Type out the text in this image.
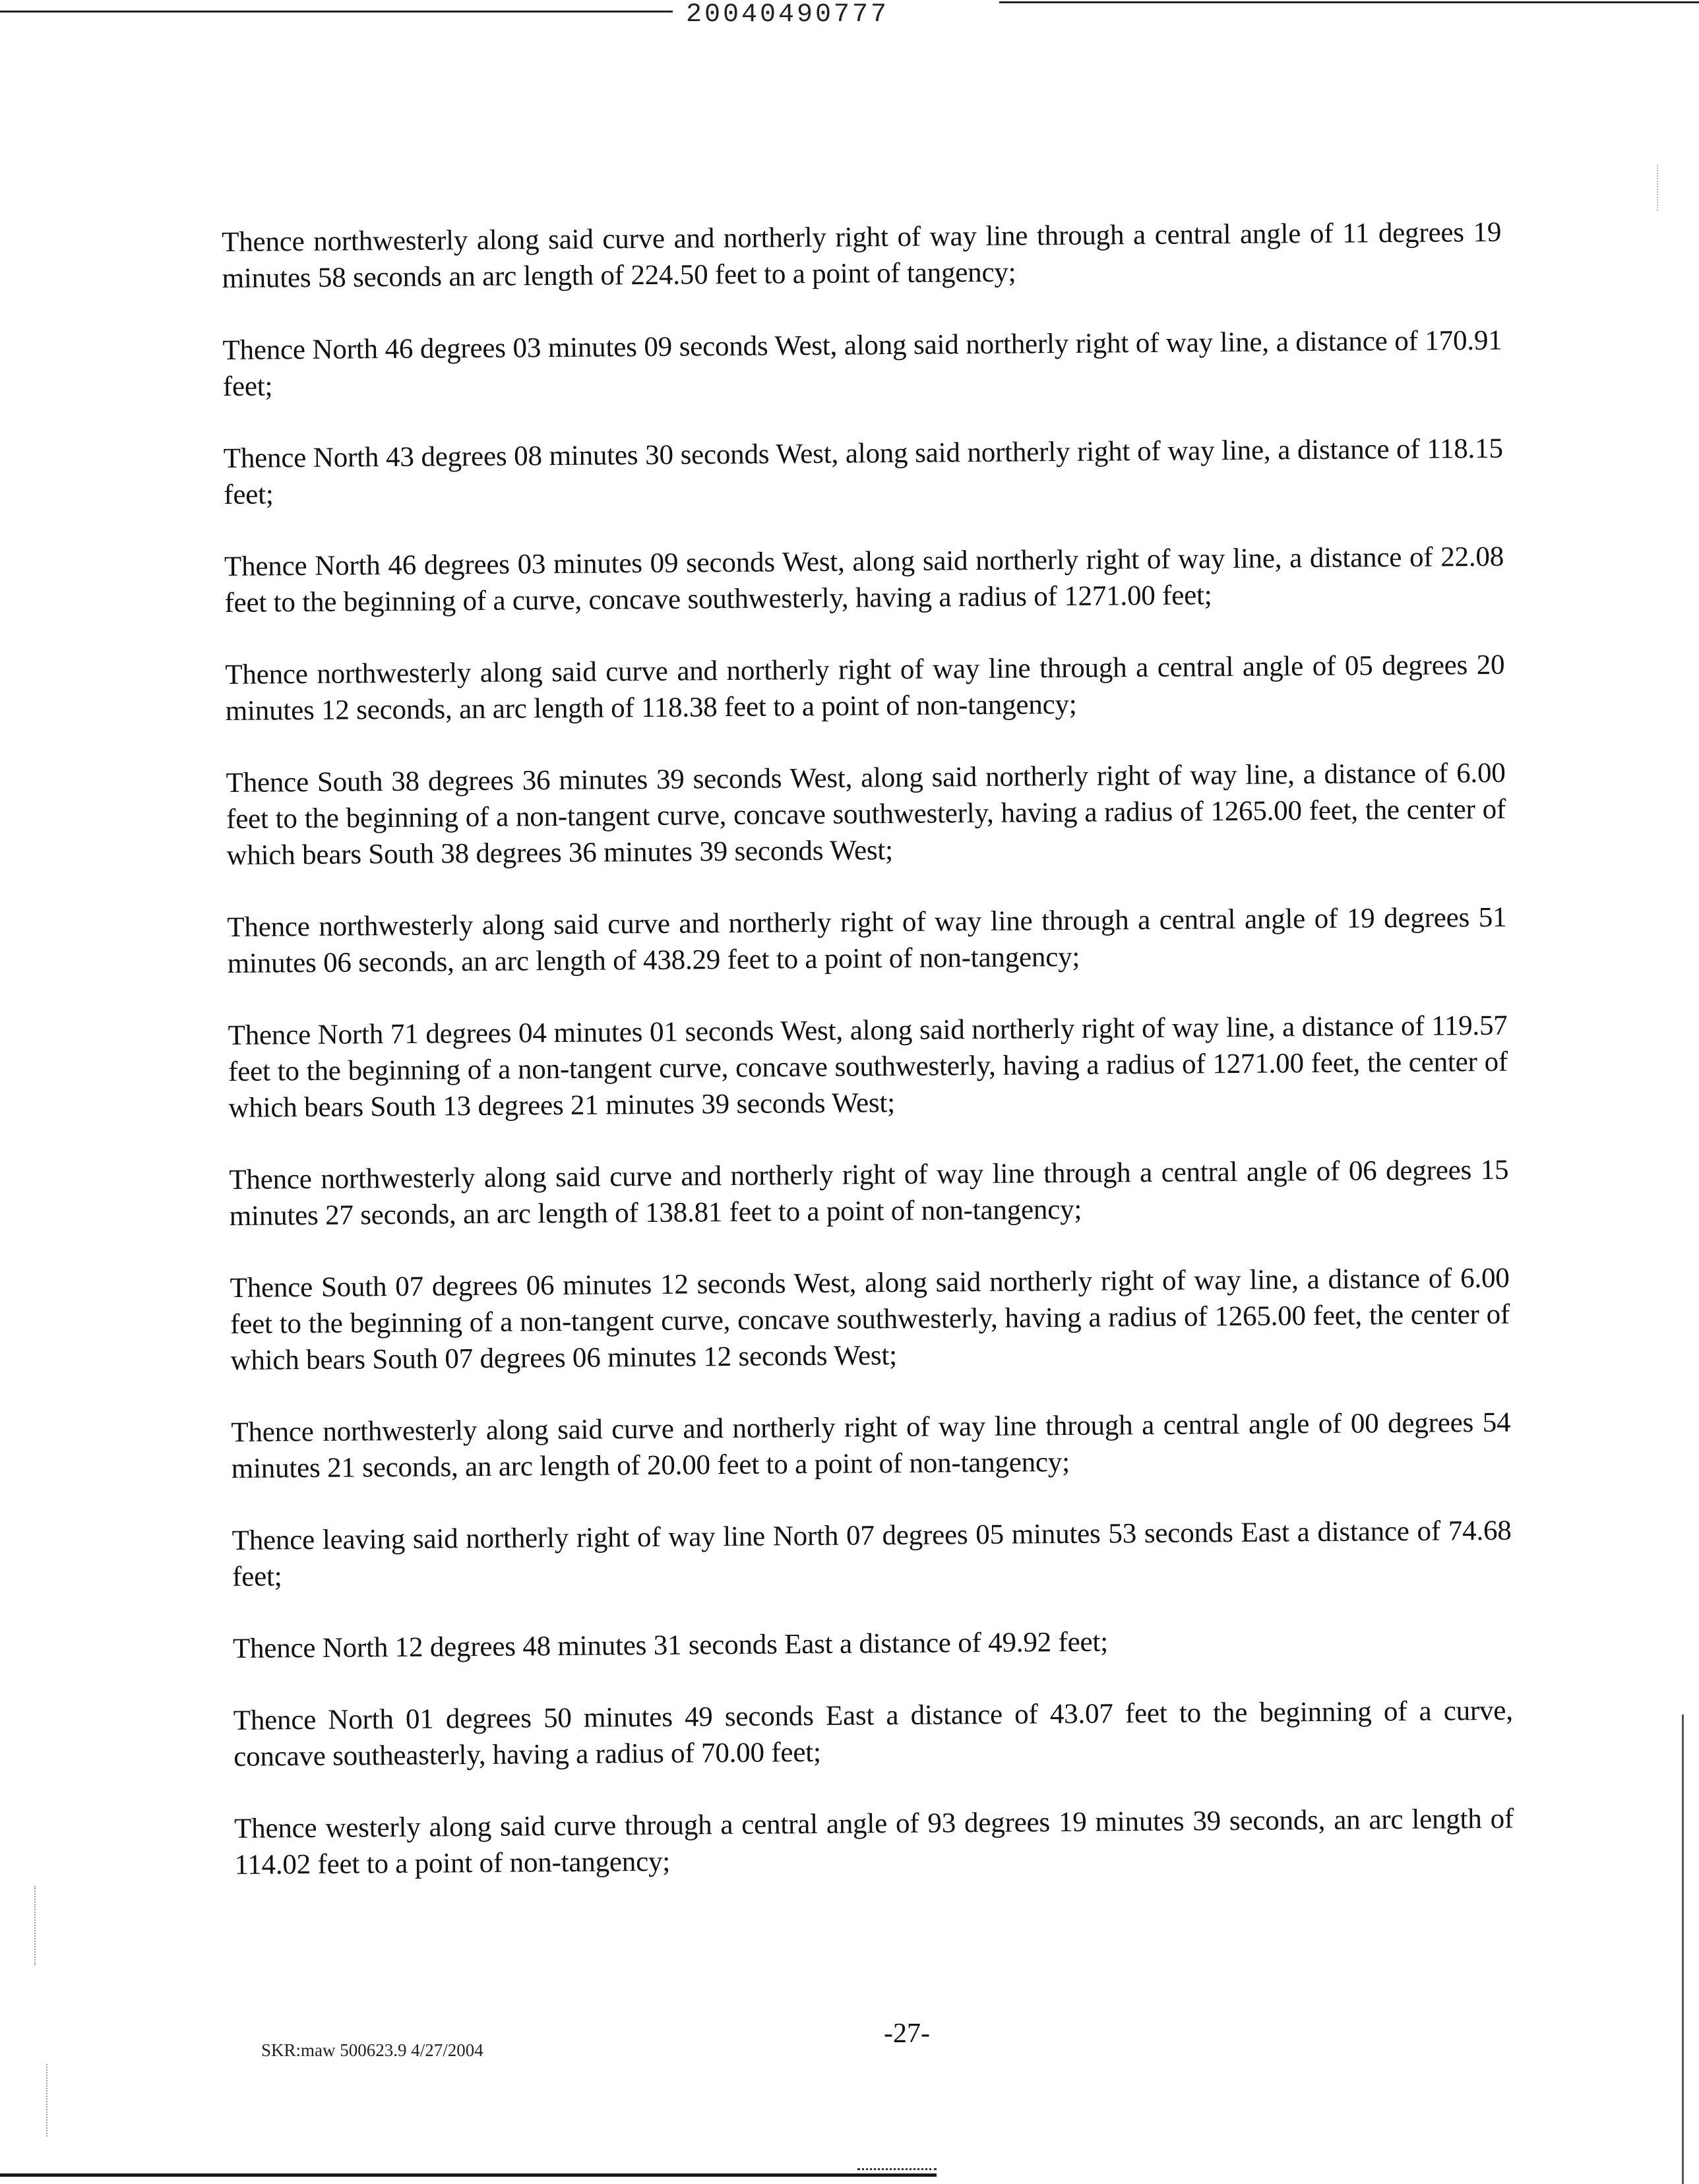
20040490777

Thence northwesterly along said curve and northerly right of way line through a central angle of 11 degrees 19 minutes 58 seconds an arc length of 224.50 feet to a point of tangency;

Thence North 46 degrees 03 minutes 09 seconds West, along said northerly right of way line, a distance of 170.91 feet;

Thence North 43 degrees 08 minutes 30 seconds West, along said northerly right of way line, a distance of 118.15 feet;

Thence North 46 degrees 03 minutes 09 seconds West, along said northerly right of way line, a distance of 22.08 feet to the beginning of a curve, concave southwesterly, having a radius of 1271.00 feet;

Thence northwesterly along said curve and northerly right of way line through a central angle of 05 degrees 20 minutes 12 seconds, an arc length of 118.38 feet to a point of non-tangency;

Thence South 38 degrees 36 minutes 39 seconds West, along said northerly right of way line, a distance of 6.00 feet to the beginning of a non-tangent curve, concave southwesterly, having a radius of 1265.00 feet, the center of which bears South 38 degrees 36 minutes 39 seconds West;

Thence northwesterly along said curve and northerly right of way line through a central angle of 19 degrees 51 minutes 06 seconds, an arc length of 438.29 feet to a point of non-tangency;

Thence North 71 degrees 04 minutes 01 seconds West, along said northerly right of way line, a distance of 119.57 feet to the beginning of a non-tangent curve, concave southwesterly, having a radius of 1271.00 feet, the center of which bears South 13 degrees 21 minutes 39 seconds West;

Thence northwesterly along said curve and northerly right of way line through a central angle of 06 degrees 15 minutes 27 seconds, an arc length of 138.81 feet to a point of non-tangency;

Thence South 07 degrees 06 minutes 12 seconds West, along said northerly right of way line, a distance of 6.00 feet to the beginning of a non-tangent curve, concave southwesterly, having a radius of 1265.00 feet, the center of which bears South 07 degrees 06 minutes 12 seconds West;

Thence northwesterly along said curve and northerly right of way line through a central angle of 00 degrees 54 minutes 21 seconds, an arc length of 20.00 feet to a point of non-tangency;

Thence leaving said northerly right of way line North 07 degrees 05 minutes 53 seconds East a distance of 74.68 feet;

Thence North 12 degrees 48 minutes 31 seconds East a distance of 49.92 feet;

Thence North 01 degrees 50 minutes 49 seconds East a distance of 43.07 feet to the beginning of a curve, concave southeasterly, having a radius of 70.00 feet;

Thence westerly along said curve through a central angle of 93 degrees 19 minutes 39 seconds, an arc length of 114.02 feet to a point of non-tangency;

-27-
SKR:maw 500623.9 4/27/2004
